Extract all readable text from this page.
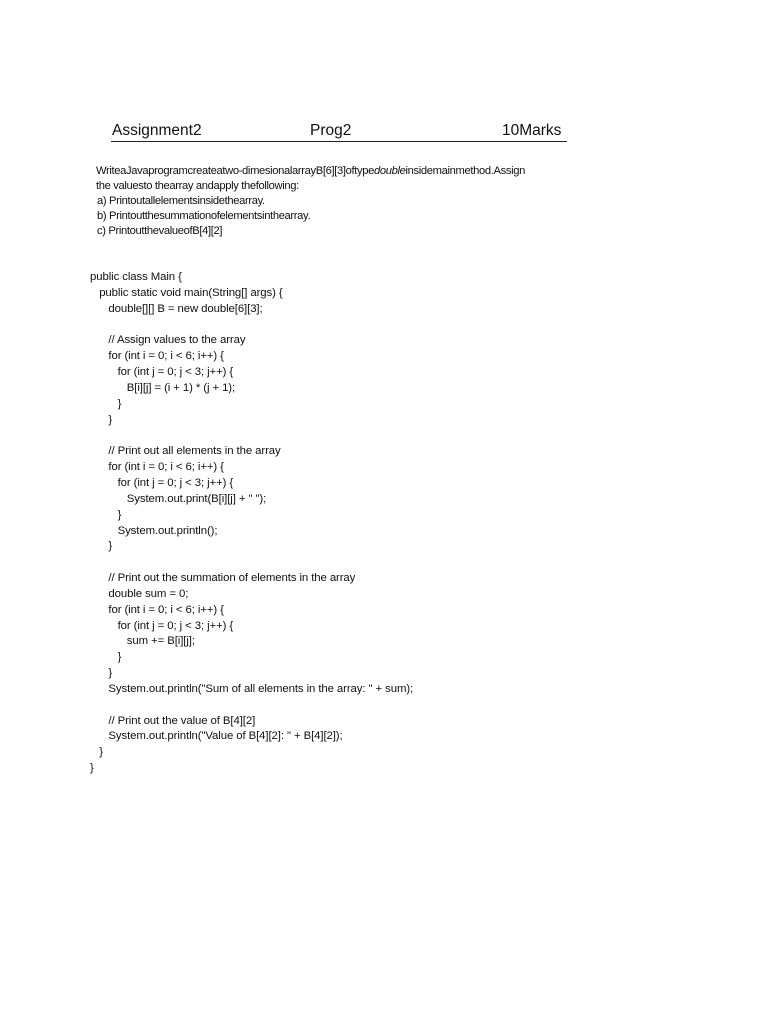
Assignment2	Prog2	10Marks
WriteaJavaprogramcreateatwo-dimesionalarrayB[6][3]oftypedoubleinsidemainmethod.Assign
the valuesto thearray andapply thefollowing:
a) Printoutallelementsinsidethearray.
b) Printoutthesummationofelementsinthearray.
c) PrintoutthevalueofB[4][2]
public class Main {
public static void main(String[] args) {
double[][] B = new double[6][3];
// Assign values to the array
for (int i = 0; i < 6; i++) {
for (int j = 0; j < 3; j++) {
B[i][j] = (i + 1) * (j + 1);
}
}
// Print out all elements in the array
for (int i = 0; i < 6; i++) {
for (int j = 0; j < 3; j++) {
System.out.print(B[i][j] + " ");
}
System.out.println();
}
// Print out the summation of elements in the array
double sum = 0;
for (int i = 0; i < 6; i++) {
for (int j = 0; j < 3; j++) {
sum += B[i][j];
}
}
System.out.println("Sum of all elements in the array: " + sum);
// Print out the value of B[4][2]
System.out.println("Value of B[4][2]: " + B[4][2]);
}
}
